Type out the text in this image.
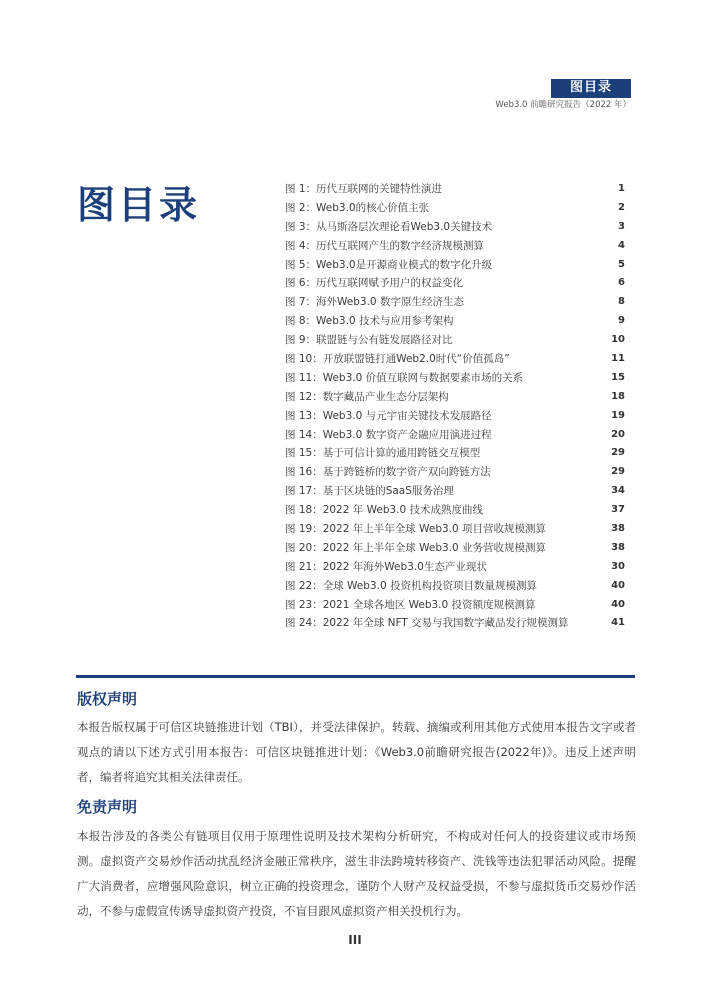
图目录
Web3.0 前瞻研究报告（2022 年）
图目录	图 1：历代互联网的关键特性演进	1
图 2：Web3.0的核心价值主张	2
图 3：从马斯洛层次理论看Web3.0关键技术	3
图 4：历代互联网产生的数字经济规模测算	4
图 5：Web3.0是开源商业模式的数字化升级	5
图 6：历代互联网赋予用户的权益变化	6
图 7：海外Web3.0 数字原生经济生态	8
图 8：Web3.0 技术与应用参考架构	9
图 9：联盟链与公有链发展路径对比	10
图 10：开放联盟链打通Web2.0时代“价值孤岛”	11
图 11：Web3.0 价值互联网与数据要素市场的关系	15
图 12：数字藏品产业生态分层架构	18
图 13：Web3.0 与元宇宙关键技术发展路径	19
图 14：Web3.0 数字资产金融应用演进过程	20
图 15：基于可信计算的通用跨链交互模型	29
图 16：基于跨链桥的数字资产双向跨链方法	29
图 17：基于区块链的SaaS服务治理	34
图 18：2022 年 Web3.0 技术成熟度曲线	37
图 19：2022 年上半年全球 Web3.0 项目营收规模测算	38
图 20：2022 年上半年全球 Web3.0 业务营收规模测算	38
图 21：2022 年海外Web3.0生态产业现状	30
图 22：全球 Web3.0 投资机构投资项目数量规模测算	40
图 23：2021 全球各地区 Web3.0 投资额度规模测算	40
图 24：2022 年全球 NFT 交易与我国数字藏品发行规模测算	41
版权声明
本报告版权属于可信区块链推进计划（TBI），并受法律保护。转载、摘编或利用其他方式使用本报告文字或者观点的请以下述方式引用本报告：可信区块链推进计划：《Web3.0前瞻研究报告(2022年)》。违反上述声明者，编者将追究其相关法律责任。
免责声明
本报告涉及的各类公有链项目仅用于原理性说明及技术架构分析研究，不构成对任何人的投资建议或市场预测。虚拟资产交易炒作活动扰乱经济金融正常秩序，滋生非法跨境转移资产、洗钱等违法犯罪活动风险。提醒广大消费者，应增强风险意识，树立正确的投资理念，谨防个人财产及权益受损，不参与虚拟货币交易炒作活动，不参与虚假宣传诱导虚拟资产投资，不盲目跟风虚拟资产相关投机行为。
III
